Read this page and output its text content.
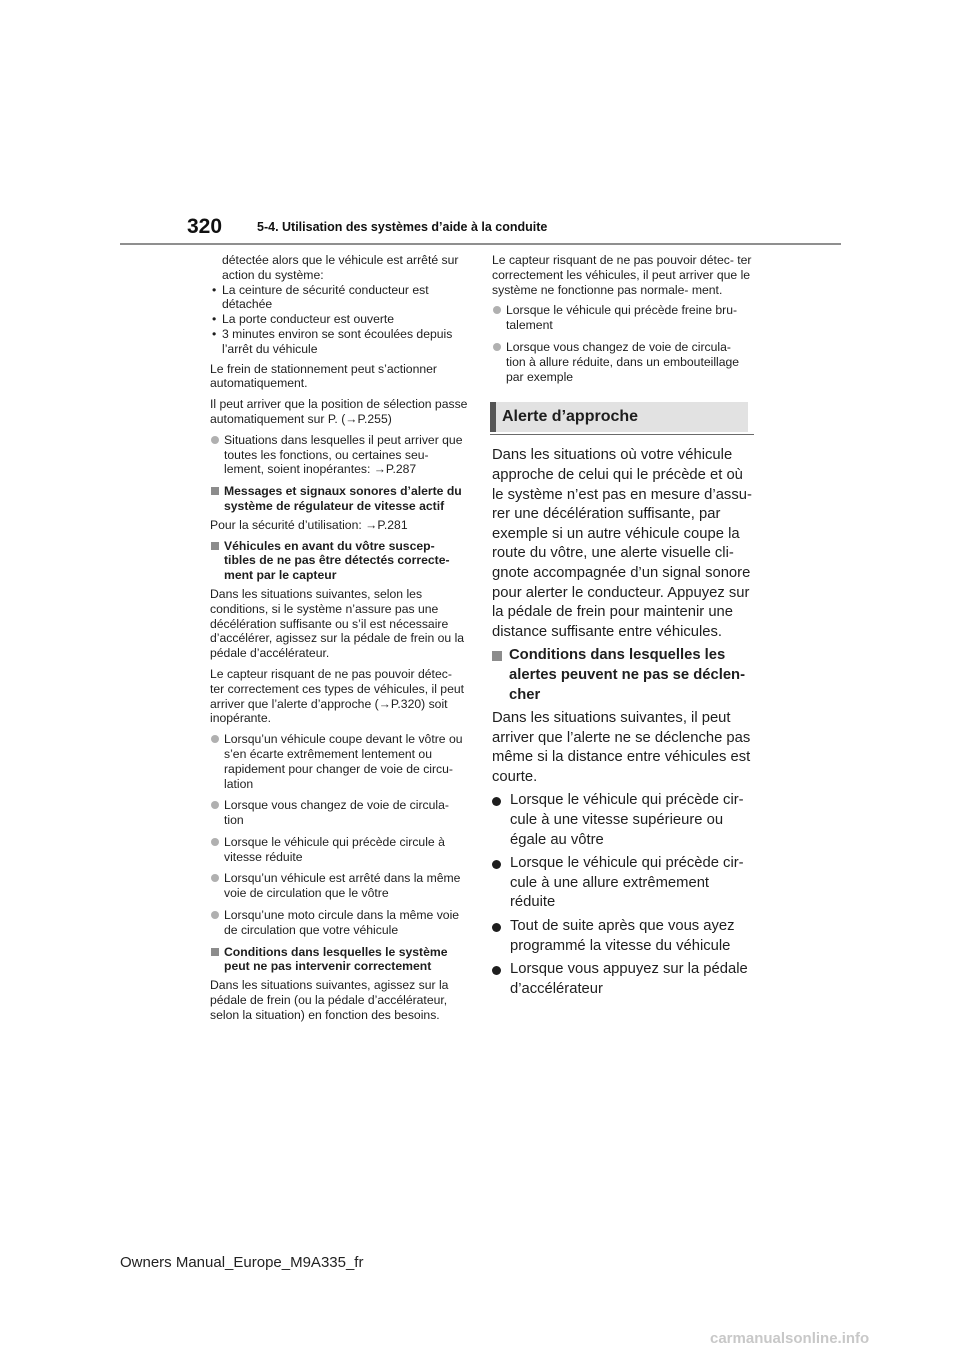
320	5-4. Utilisation des systèmes d’aide à la conduite

détectée alors que le véhicule est arrêté sur action du système:

• La ceinture de sécurité conducteur est détachée
• La porte conducteur est ouverte
• 3 minutes environ se sont écoulées depuis l’arrêt du véhicule

Le frein de stationnement peut s’actionner automatiquement.

Il peut arriver que la position de sélection passe automatiquement sur P. (→P.255)

Situations dans lesquelles il peut arriver que toutes les fonctions, ou certaines seu- lement, soient inopérantes: →P.287
Messages et signaux sonores d’alerte du système de régulateur de vitesse actif

Pour la sécurité d’utilisation: →P.281

Véhicules en avant du vôtre suscep- tibles de ne pas être détectés correcte- ment par le capteur

Dans les situations suivantes, selon les conditions, si le système n’assure pas une décélération suffisante ou s’il est nécessaire d’accélérer, agissez sur la pédale de frein ou la pédale d’accélérateur.

Le capteur risquant de ne pas pouvoir détec- ter correctement ces types de véhicules, il peut arriver que l’alerte d’approche (→P.320) soit inopérante.

Lorsqu’un véhicule coupe devant le vôtre ou s’en écarte extrêmement lentement ou rapidement pour changer de voie de circu- lation
Lorsque vous changez de voie de circula- tion
Lorsque le véhicule qui précède circule à vitesse réduite
Lorsqu’un véhicule est arrêté dans la même voie de circulation que le vôtre
Lorsqu’une moto circule dans la même voie de circulation que votre véhicule
Conditions dans lesquelles le système peut ne pas intervenir correctement

Dans les situations suivantes, agissez sur la pédale de frein (ou la pédale d’accélérateur, selon la situation) en fonction des besoins.

Le capteur risquant de ne pas pouvoir détec- ter correctement les véhicules, il peut arriver que le système ne fonctionne pas normale- ment.

Lorsque le véhicule qui précède freine bru- talement
Lorsque vous changez de voie de circula- tion à allure réduite, dans un embouteillage par exemple
Alerte d’approche

Dans les situations où votre véhicule approche de celui qui le précède et où le système n’est pas en mesure d’assu- rer une décélération suffisante, par exemple si un autre véhicule coupe la route du vôtre, une alerte visuelle cli- gnote accompagnée d’un signal sonore pour alerter le conducteur. Appuyez sur la pédale de frein pour maintenir une distance suffisante entre véhicules.

Conditions dans lesquelles les alertes peuvent ne pas se déclen- cher

Dans les situations suivantes, il peut arriver que l’alerte ne se déclenche pas même si la distance entre véhicules est courte.

Lorsque le véhicule qui précède cir- cule à une vitesse supérieure ou égale au vôtre
Lorsque le véhicule qui précède cir- cule à une allure extrêmement réduite
Tout de suite après que vous ayez programmé la vitesse du véhicule
Lorsque vous appuyez sur la pédale d’accélérateur
Owners Manual_Europe_M9A335_fr
carmanualsonline.info
